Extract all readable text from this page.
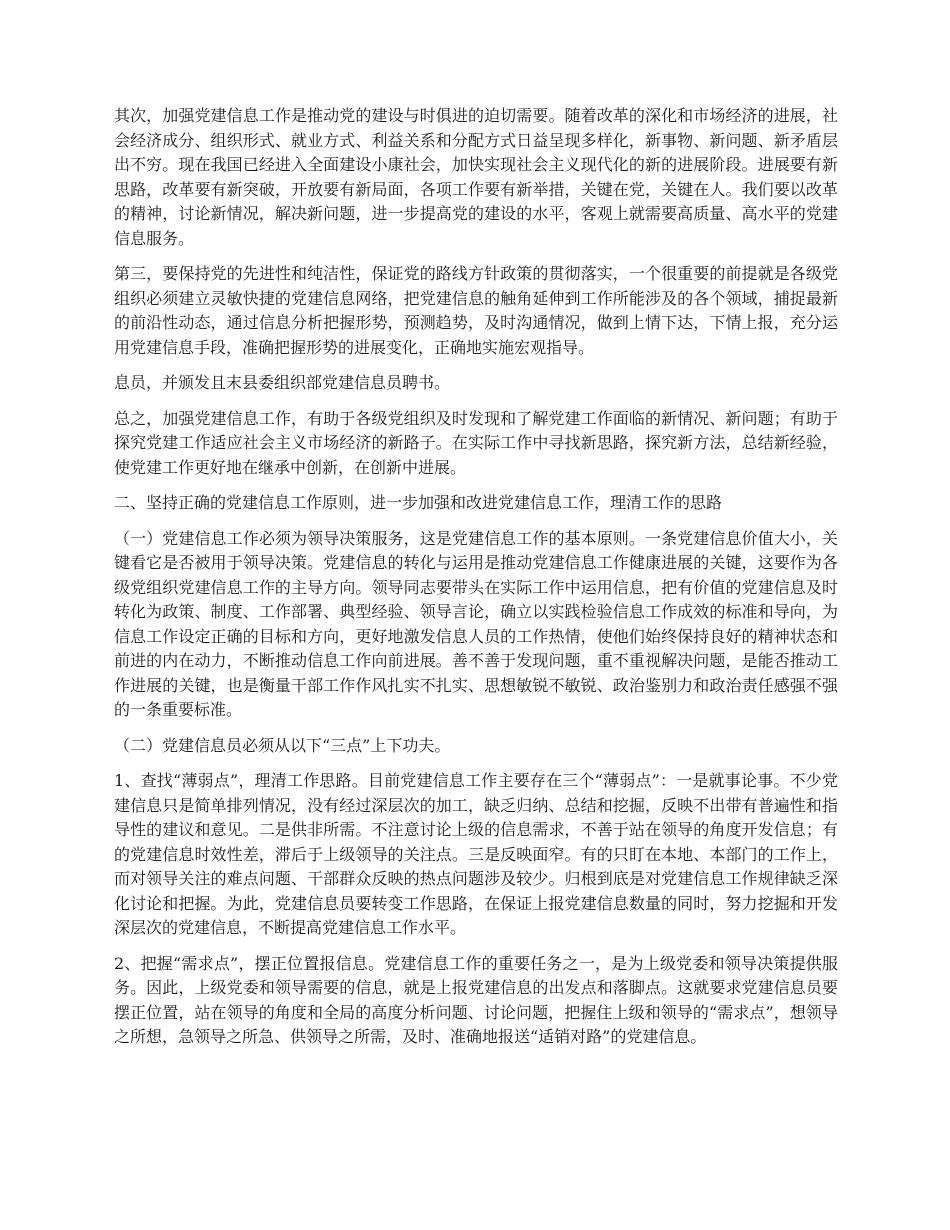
其次，加强党建信息工作是推动党的建设与时俱进的迫切需要。随着改革的深化和市场经济的进展，社会经济成分、组织形式、就业方式、利益关系和分配方式日益呈现多样化，新事物、新问题、新矛盾层出不穷。现在我国已经进入全面建设小康社会，加快实现社会主义现代化的新的进展阶段。进展要有新思路，改革要有新突破，开放要有新局面，各项工作要有新举措，关键在党，关键在人。我们要以改革的精神，讨论新情况，解决新问题，进一步提高党的建设的水平，客观上就需要高质量、高水平的党建信息服务。

第三，要保持党的先进性和纯洁性，保证党的路线方针政策的贯彻落实，一个很重要的前提就是各级党组织必须建立灵敏快捷的党建信息网络，把党建信息的触角延伸到工作所能涉及的各个领域，捕捉最新的前沿性动态，通过信息分析把握形势，预测趋势，及时沟通情况，做到上情下达，下情上报，充分运用党建信息手段，准确把握形势的进展变化，正确地实施宏观指导。

息员，并颁发且末县委组织部党建信息员聘书。

总之，加强党建信息工作，有助于各级党组织及时发现和了解党建工作面临的新情况、新问题；有助于探究党建工作适应社会主义市场经济的新路子。在实际工作中寻找新思路，探究新方法，总结新经验，使党建工作更好地在继承中创新，在创新中进展。

二、坚持正确的党建信息工作原则，进一步加强和改进党建信息工作，理清工作的思路

（一）党建信息工作必须为领导决策服务，这是党建信息工作的基本原则。一条党建信息价值大小，关键看它是否被用于领导决策。党建信息的转化与运用是推动党建信息工作健康进展的关键，这要作为各级党组织党建信息工作的主导方向。领导同志要带头在实际工作中运用信息，把有价值的党建信息及时转化为政策、制度、工作部署、典型经验、领导言论，确立以实践检验信息工作成效的标准和导向，为信息工作设定正确的目标和方向，更好地激发信息人员的工作热情，使他们始终保持良好的精神状态和前进的内在动力，不断推动信息工作向前进展。善不善于发现问题，重不重视解决问题，是能否推动工作进展的关键，也是衡量干部工作作风扎实不扎实、思想敏锐不敏锐、政治鉴别力和政治责任感强不强的一条重要标准。

（二）党建信息员必须从以下“三点”上下功夫。

1、查找“薄弱点”，理清工作思路。目前党建信息工作主要存在三个“薄弱点”：一是就事论事。不少党建信息只是简单排列情况，没有经过深层次的加工，缺乏归纳、总结和挖掘，反映不出带有普遍性和指导性的建议和意见。二是供非所需。不注意讨论上级的信息需求，不善于站在领导的角度开发信息；有的党建信息时效性差，滞后于上级领导的关注点。三是反映面窄。有的只盯在本地、本部门的工作上，而对领导关注的难点问题、干部群众反映的热点问题涉及较少。归根到底是对党建信息工作规律缺乏深化讨论和把握。为此，党建信息员要转变工作思路，在保证上报党建信息数量的同时，努力挖掘和开发深层次的党建信息，不断提高党建信息工作水平。

2、把握“需求点”，摆正位置报信息。党建信息工作的重要任务之一，是为上级党委和领导决策提供服务。因此，上级党委和领导需要的信息，就是上报党建信息的出发点和落脚点。这就要求党建信息员要摆正位置，站在领导的角度和全局的高度分析问题、讨论问题，把握住上级和领导的“需求点”，想领导之所想，急领导之所急、供领导之所需，及时、准确地报送“适销对路”的党建信息。
